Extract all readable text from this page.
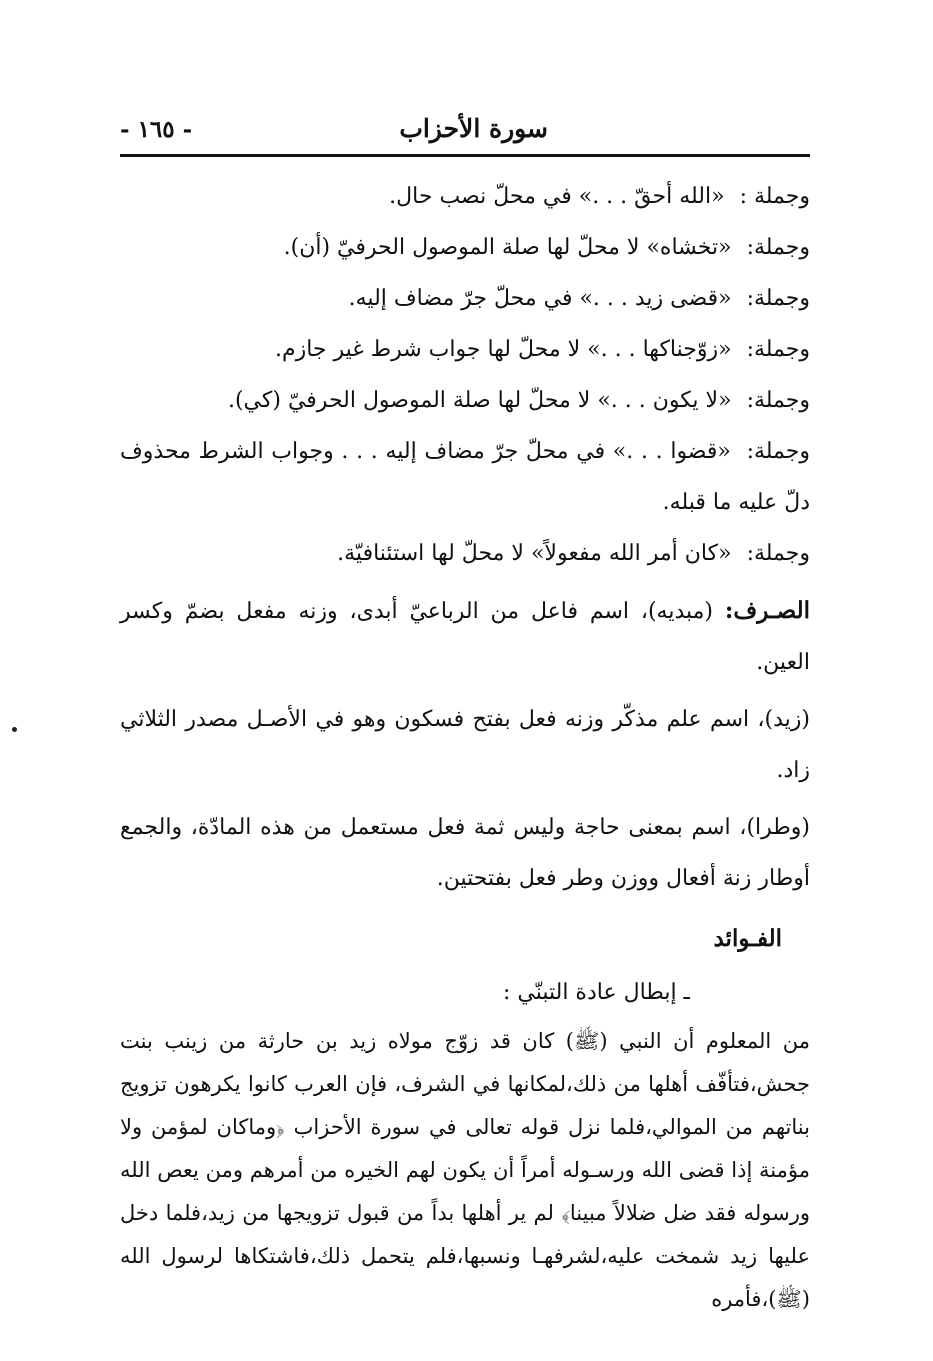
سورة الأحزاب
- ١٦٥ -

وجملة : «الله أحقّ . . .» في محلّ نصب حال.

وجملة: «تخشاه» لا محلّ لها صلة الموصول الحرفيّ (أن).

وجملة: «قضى زيد . . .» في محلّ جرّ مضاف إليه.

وجملة: «زوّجناكها . . .» لا محلّ لها جواب شرط غير جازم.

وجملة: «لا يكون . . .» لا محلّ لها صلة الموصول الحرفيّ (كي).

وجملة: «قضوا . . .» في محلّ جرّ مضاف إليه . . . وجواب الشرط محذوف دلّ عليه ما قبله.

وجملة: «كان أمر الله مفعولاً» لا محلّ لها استئنافيّة.

الصـرف: (مبديه)، اسم فاعل من الرباعيّ أبدى، وزنه مفعل بضمّ وكسر العين.

(زيد)، اسم علم مذكّر وزنه فعل بفتح فسكون وهو في الأصـل مصدر الثلاثي زاد.

(وطرا)، اسم بمعنى حاجة وليس ثمة فعل مستعمل من هذه المادّة، والجمع أوطار زنة أفعال ووزن وطر فعل بفتحتين.

الفـوائد
ـ إبطال عادة التبنّي :

من المعلوم أن النبي (ﷺ) كان قد زوّج مولاه زيد بن حارثة من زينب بنت جحش،فتأفّف أهلها من ذلك،لمكانها في الشرف، فإن العرب كانوا يكرهون تزويج بناتهم من الموالي،فلما نزل قوله تعالى في سورة الأحزاب ﴿وماكان لمؤمن ولا مؤمنة إذا قضى الله ورسـوله أمراً أن يكون لهم الخيره من أمرهم ومن يعص الله ورسوله فقد ضل ضلالاً مبينا﴾ لم ير أهلها بداً من قبول تزويجها من زيد،فلما دخل عليها زيد شمخت عليه،لشرفهـا ونسبها،فلم يتحمل ذلك،فاشتكاها لرسول الله (ﷺ)،فأمره
